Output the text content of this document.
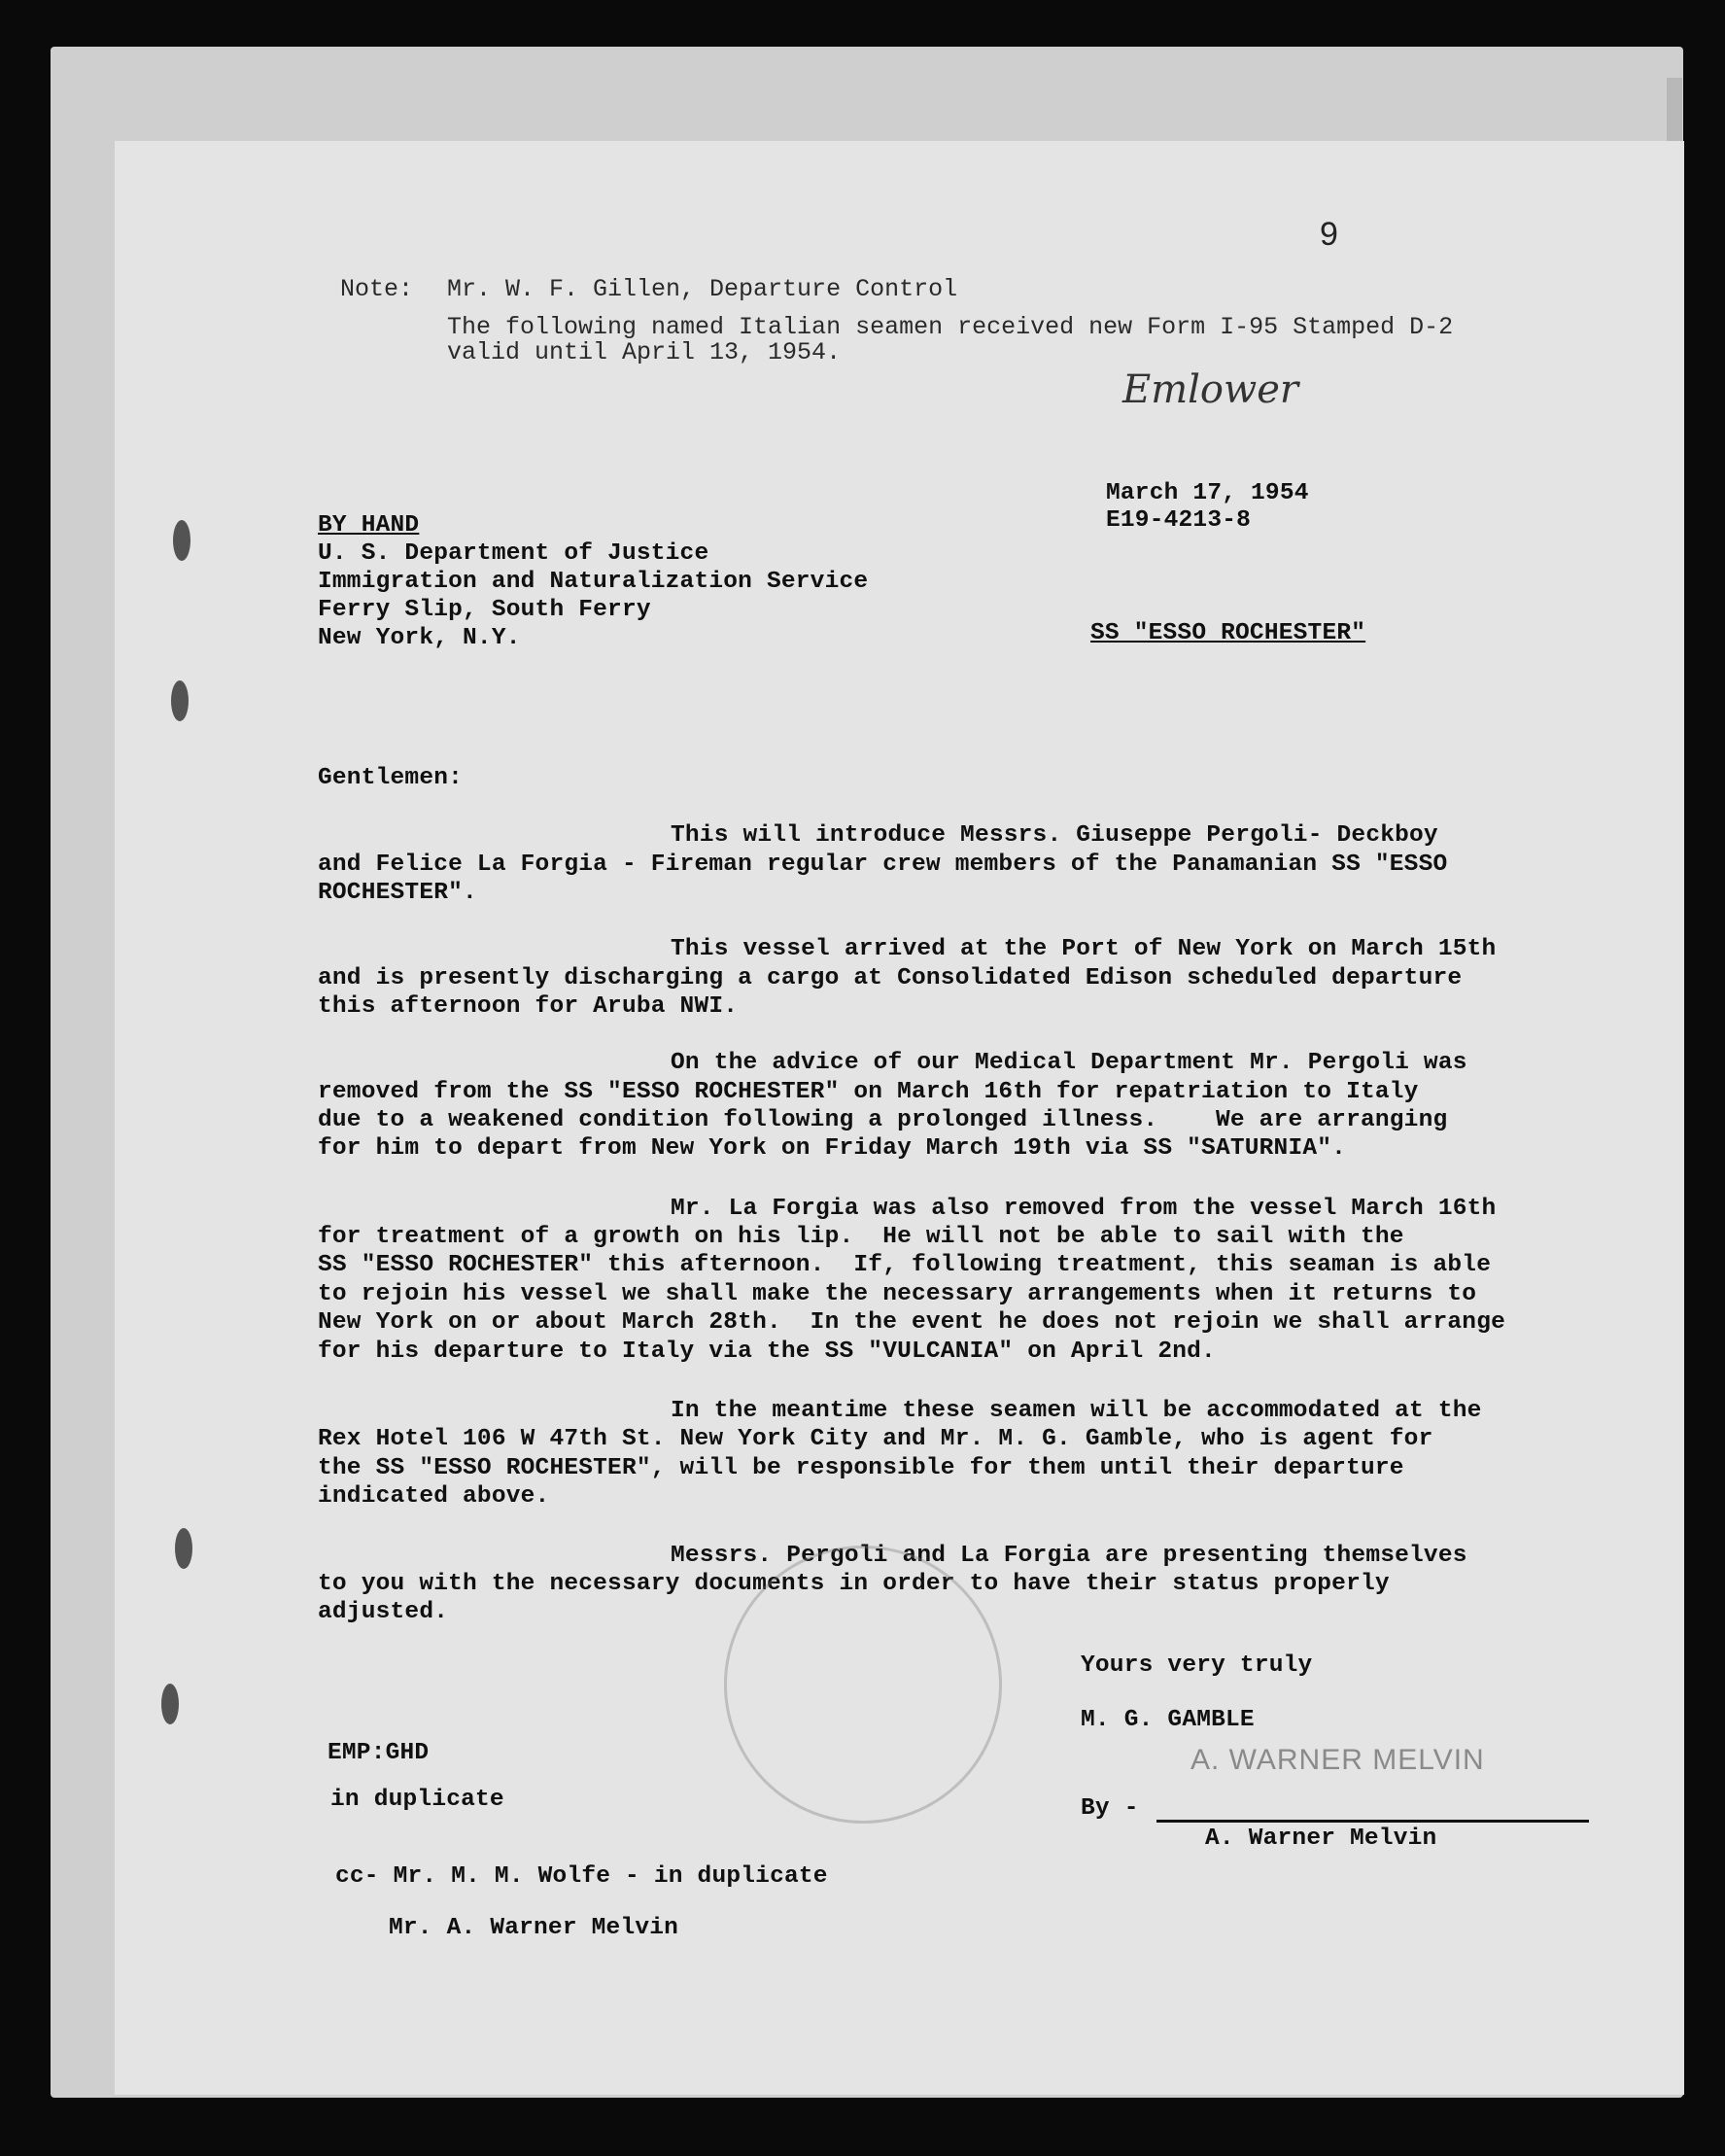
9
Note: Mr. W. F. Gillen, Departure Control
The following named Italian seamen received new Form I-95 Stamped D-2
valid until April 13, 1954.
Emlower
March 17, 1954
E19-4213-8
SS "ESSO ROCHESTER"
BY HAND
U. S. Department of Justice
Immigration and Naturalization Service
Ferry Slip, South Ferry
New York, N.Y.
Gentlemen:
This will introduce Messrs. Giuseppe Pergoli- Deckboy
and Felice La Forgia - Fireman regular crew members of the Panamanian SS "ESSO
ROCHESTER".
This vessel arrived at the Port of New York on March 15th
and is presently discharging a cargo at Consolidated Edison scheduled departure
this afternoon for Aruba NWI.
On the advice of our Medical Department Mr. Pergoli was
removed from the SS "ESSO ROCHESTER" on March 16th for repatriation to Italy
due to a weakened condition following a prolonged illness.    We are arranging
for him to depart from New York on Friday March 19th via SS "SATURNIA".
Mr. La Forgia was also removed from the vessel March 16th
for treatment of a growth on his lip.  He will not be able to sail with the
SS "ESSO ROCHESTER" this afternoon.  If, following treatment, this seaman is able
to rejoin his vessel we shall make the necessary arrangements when it returns to
New York on or about March 28th.  In the event he does not rejoin we shall arrange
for his departure to Italy via the SS "VULCANIA" on April 2nd.
In the meantime these seamen will be accommodated at the
Rex Hotel 106 W 47th St. New York City and Mr. M. G. Gamble, who is agent for
the SS "ESSO ROCHESTER", will be responsible for them until their departure
indicated above.
Messrs. Pergoli and La Forgia are presenting themselves
to you with the necessary documents in order to have their status properly
adjusted.
Yours very truly
M. G. GAMBLE
A. WARNER MELVIN
By -
A. Warner Melvin
EMP:GHD
in duplicate
cc- Mr. M. M. Wolfe - in duplicate
Mr. A. Warner Melvin
